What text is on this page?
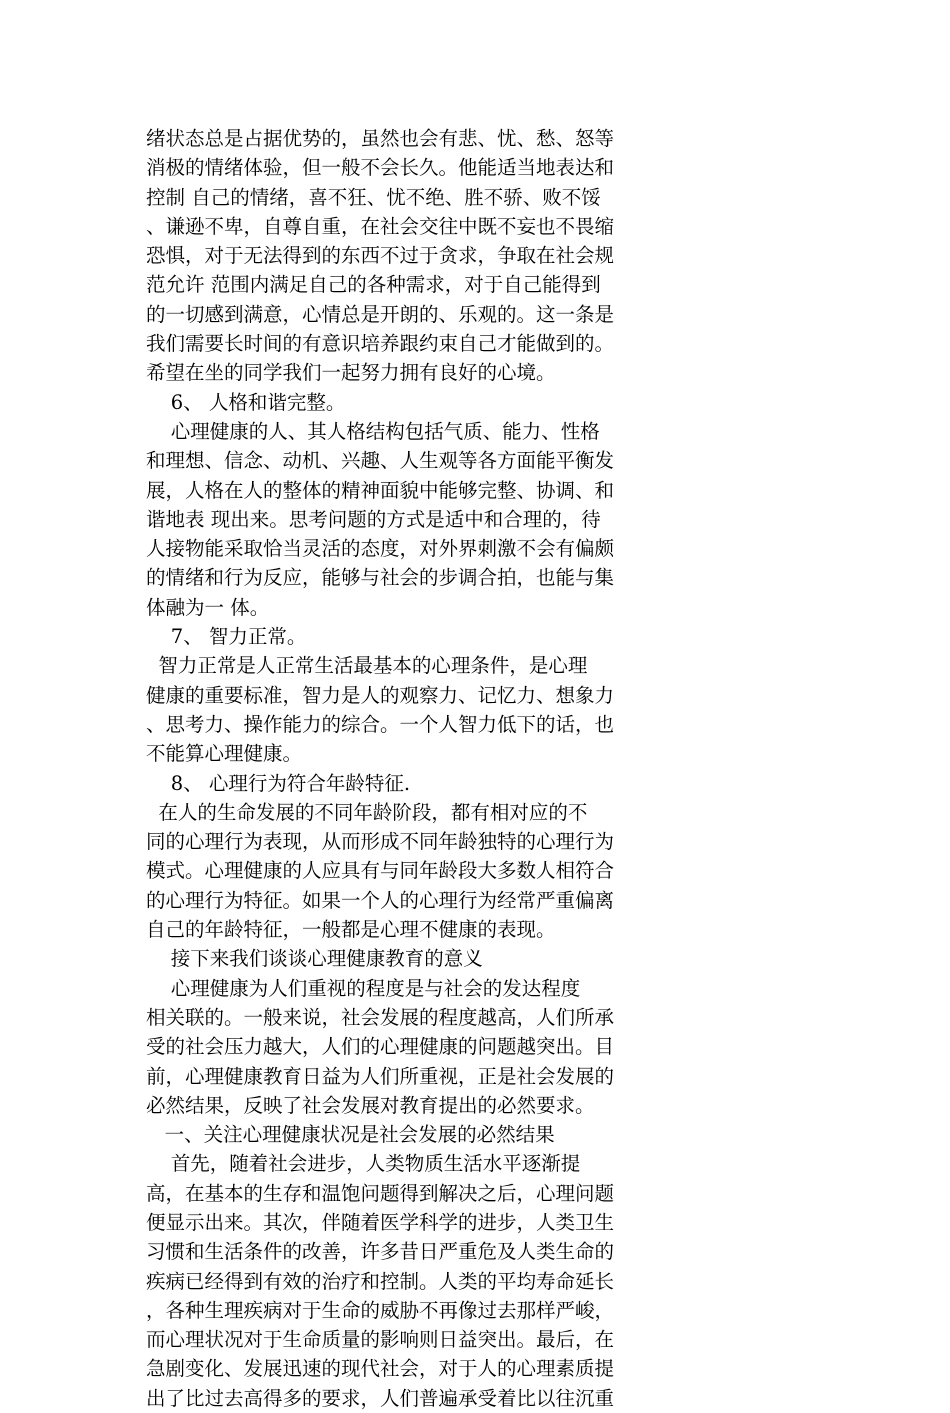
绪状态总是占据优势的，虽然也会有悲、忧、愁、怒等
消极的情绪体验，但一般不会长久。他能适当地表达和
控制 自己的情绪，喜不狂、忧不绝、胜不骄、败不馁
、谦逊不卑，自尊自重，在社会交往中既不妄也不畏缩
恐惧，对于无法得到的东西不过于贪求，争取在社会规
范允许 范围内满足自己的各种需求，对于自己能得到
的一切感到满意，心情总是开朗的、乐观的。这一条是
我们需要长时间的有意识培养跟约束自己才能做到的。
希望在坐的同学我们一起努力拥有良好的心境。
6、 人格和谐完整。
心理健康的人、其人格结构包括气质、能力、性格
和理想、信念、动机、兴趣、人生观等各方面能平衡发
展，人格在人的整体的精神面貌中能够完整、协调、和
谐地表 现出来。思考问题的方式是适中和合理的，待
人接物能采取恰当灵活的态度，对外界刺激不会有偏颇
的情绪和行为反应，能够与社会的步调合拍，也能与集
体融为一 体。
7、 智力正常。
智力正常是人正常生活最基本的心理条件，是心理
健康的重要标准，智力是人的观察力、记忆力、想象力
、思考力、操作能力的综合。一个人智力低下的话，也
不能算心理健康。
8、 心理行为符合年龄特征.
在人的生命发展的不同年龄阶段，都有相对应的不
同的心理行为表现，从而形成不同年龄独特的心理行为
模式。心理健康的人应具有与同年龄段大多数人相符合
的心理行为特征。如果一个人的心理行为经常严重偏离
自己的年龄特征，一般都是心理不健康的表现。
接下来我们谈谈心理健康教育的意义
心理健康为人们重视的程度是与社会的发达程度
相关联的。一般来说，社会发展的程度越高，人们所承
受的社会压力越大，人们的心理健康的问题越突出。目
前，心理健康教育日益为人们所重视，正是社会发展的
必然结果，反映了社会发展对教育提出的必然要求。
一、关注心理健康状况是社会发展的必然结果
首先，随着社会进步，人类物质生活水平逐渐提
高，在基本的生存和温饱问题得到解决之后，心理问题
便显示出来。其次，伴随着医学科学的进步，人类卫生
习惯和生活条件的改善，许多昔日严重危及人类生命的
疾病已经得到有效的治疗和控制。人类的平均寿命延长
，各种生理疾病对于生命的威胁不再像过去那样严峻，
而心理状况对于生命质量的影响则日益突出。最后，在
急剧变化、发展迅速的现代社会，对于人的心理素质提
出了比过去高得多的要求，人们普遍承受着比以往沉重
